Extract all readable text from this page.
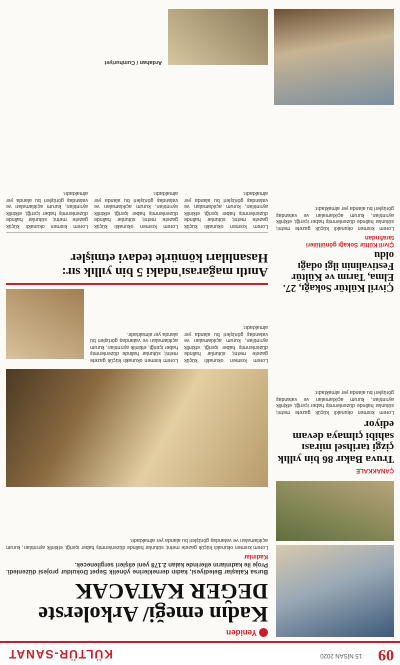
09
15 NİSAN 2020
KÜLTÜR-SANAT
Yeniden
Kadın emeği/ Arkolerste DEĞER KATACAK
Bursa Kalaşlar Belediyesi, kadın derneklerine yönelik Sepet Dokuldur projesi düzenledi. Proje ile kadınların ellerinde kalan 2.178 yeni elişleri sergilenecek.
Kadınlar
Lorem kısmen okunaklı küçük gazete metni; sütunlar halinde düzenlenmiş haber içeriği, etkinlik ayrıntıları, kurum açıklamaları ve vatandaş görüşleri bu alanda yer almaktadır.
Lorem kısmen okunaklı küçük gazete metni; sütunlar halinde düzenlenmiş haber içeriği, etkinlik ayrıntıları, kurum açıklamaları ve vatandaş görüşleri bu alanda yer almaktadır.
Lorem kısmen okunaklı küçük gazete metni; sütunlar halinde düzenlenmiş haber içeriği, etkinlik ayrıntıları, kurum açıklamaları ve vatandaş görüşleri bu alanda yer almaktadır.
ÇANAKKALE
Truva Bakır 86 bin yıllık çizgi tarihsel mirası sahibi çılmaya devam ediyor
Lorem kısmen okunaklı küçük gazete metni; sütunlar halinde düzenlenmiş haber içeriği, etkinlik ayrıntıları, kurum açıklamaları ve vatandaş görüşleri bu alanda yer almaktadır.
Anıtlı mağarası'ndaki 5 bin yıllık sır: Hasanlıları kömürle tedavi etmişler
Lorem kısmen okunaklı küçük gazete metni; sütunlar halinde düzenlenmiş haber içeriği, etkinlik ayrıntıları, kurum açıklamaları ve vatandaş görüşleri bu alanda yer almaktadır.
Lorem kısmen okunaklı küçük gazete metni; sütunlar halinde düzenlenmiş haber içeriği, etkinlik ayrıntıları, kurum açıklamaları ve vatandaş görüşleri bu alanda yer almaktadır.
Lorem kısmen okunaklı küçük gazete metni; sütunlar halinde düzenlenmiş haber içeriği, etkinlik ayrıntıları, kurum açıklamaları ve vatandaş görüşleri bu alanda yer almaktadır.
Ardahan / Cumhuriyet
Çivril Kültür Sokağı, 27. Elma, Tarım ve Kültür Festivalinin ilgi odağı oldu
Çivril Kültür Sokağı gönüllüleri tarafından
Lorem kısmen okunaklı küçük gazete metni; sütunlar halinde düzenlenmiş haber içeriği, etkinlik ayrıntıları, kurum açıklamaları ve vatandaş görüşleri bu alanda yer almaktadır.
